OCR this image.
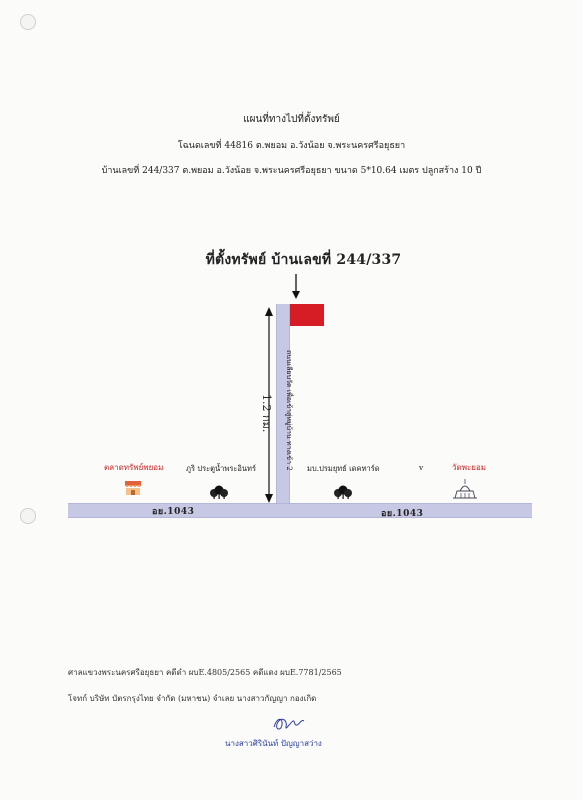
แผนที่ทางไปที่ตั้งทรัพย์
โฉนดเลขที่ 44816 ต.พยอม อ.วังน้อย จ.พระนครศรีอยุธยา
บ้านเลขที่ 244/337 ต.พยอม อ.วังน้อย จ.พระนครศรีอยุธยา ขนาด 5*10.64 เมตร ปลูกสร้าง 10 ปี
ที่ตั้งทรัพย์ บ้านเลขที่ 244/337
ถนนเลียบวัด เพื่อเข้าสู่หมู่บ้าน ทางเข้า 2
1.2 กม.
อย.1043	อย.1043
ตลาดทรัพย์พยอม	ภูริ ประตูน้ำพระอินทร์	มบ.ปรมยุทธ์ เดคทาร์ด	v	วัดพะยอม
ศาลแขวงพระนครศรีอยุธยา คดีดำ ผบE.4805/2565 คดีแดง ผบE.7781/2565
โจทก์ บริษัท บัตรกรุงไทย จำกัด (มหาชน) จำเลย นางสาวกัญญา กองเกิด
นางสาวศิรินันท์ ปัญญาสว่าง
